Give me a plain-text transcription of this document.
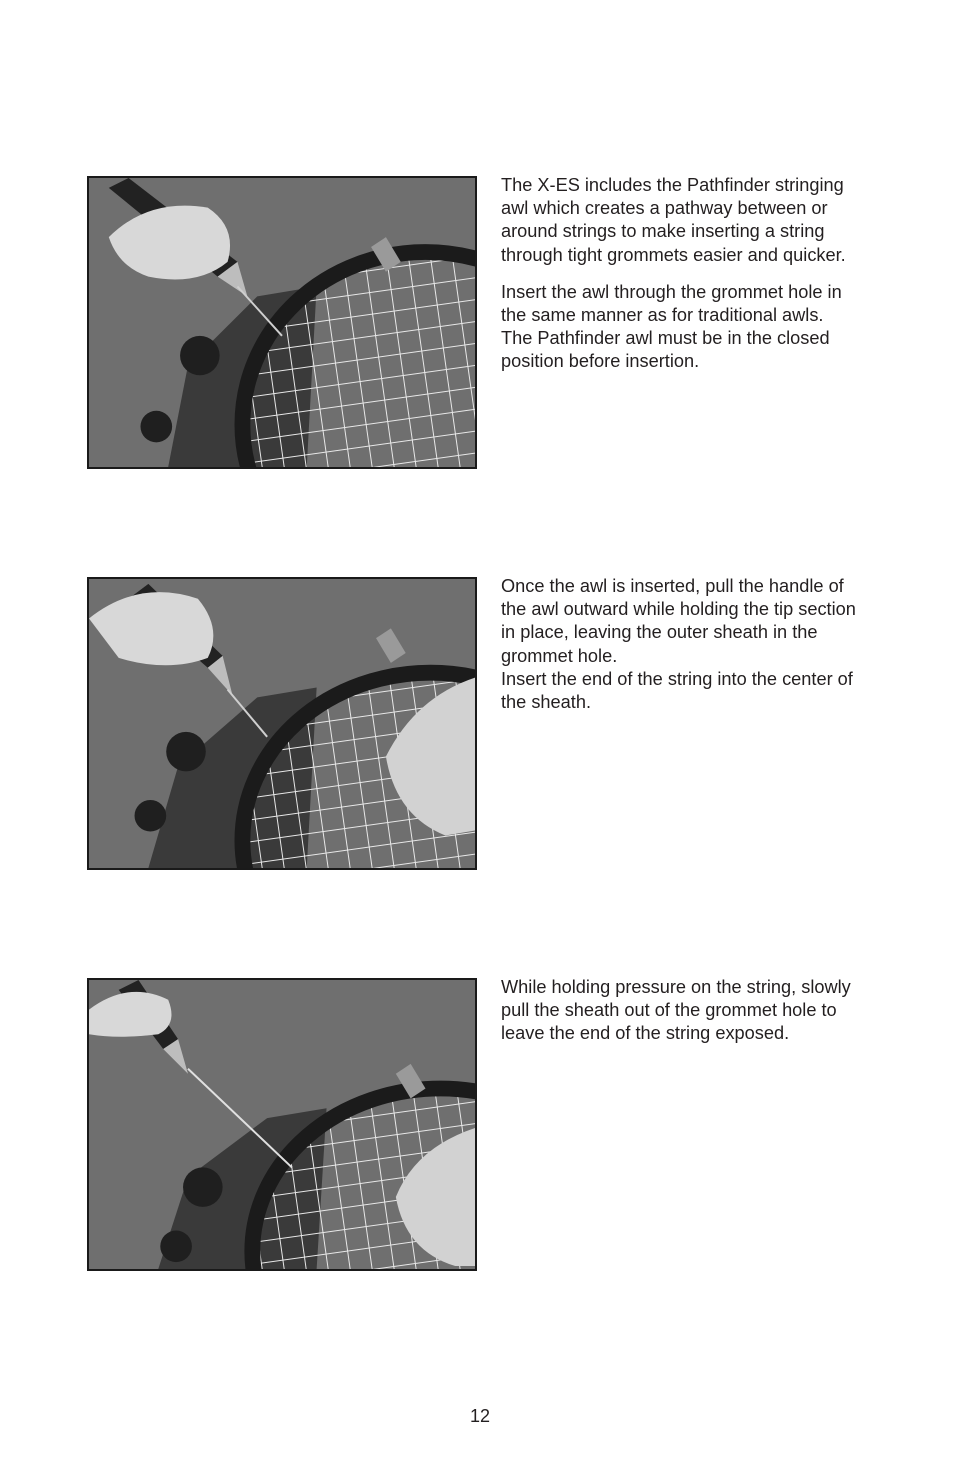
The X-ES includes the Pathfinder stringing
awl which creates a pathway between or
around strings to make inserting a string
through tight grommets easier and quicker.

Insert the awl through the grommet hole in
the same manner as for traditional awls.
The Pathfinder awl must be in the closed
position before insertion.

Once the awl is inserted, pull the handle of
the awl outward while holding the tip section
in place, leaving the outer sheath in the
grommet hole.

Insert the end of the string into the center of
the sheath.

While holding pressure on the string, slowly
pull the sheath out of the grommet hole to
leave the end of the string exposed.

12
